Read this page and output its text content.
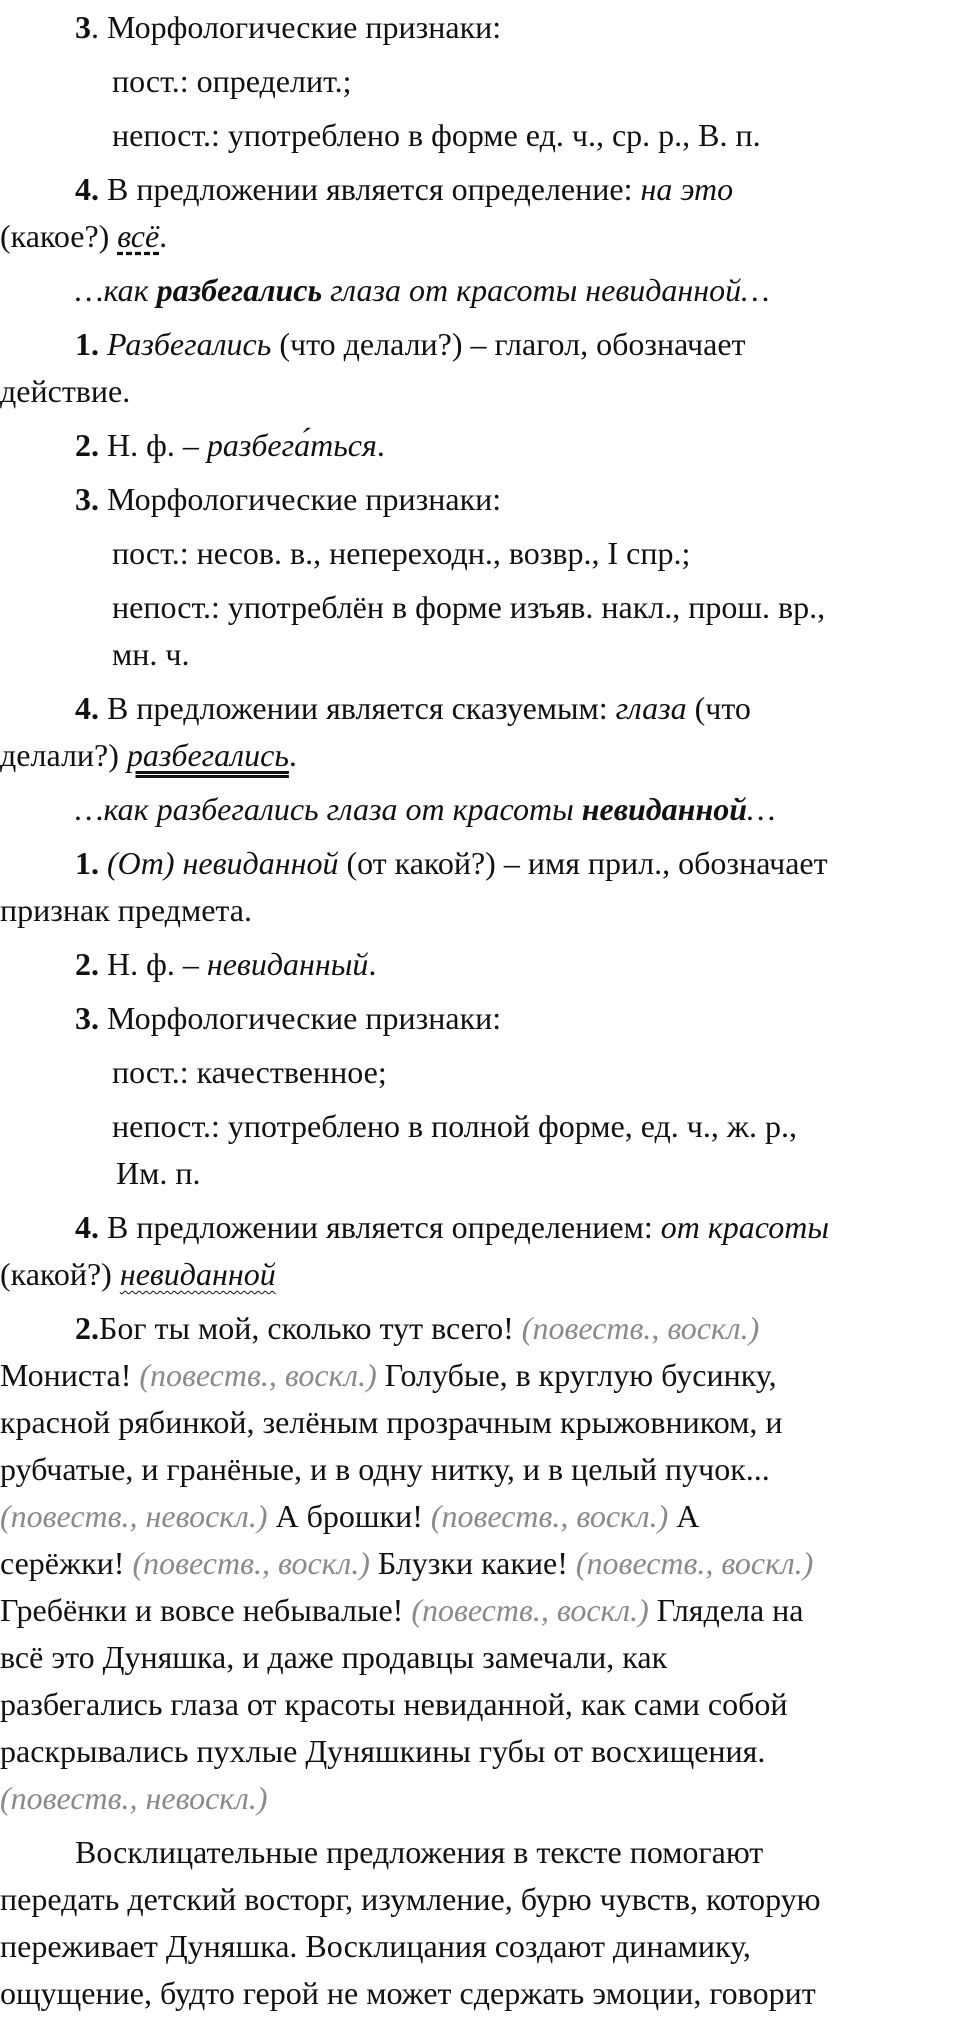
3. Морфологические признаки:
пост.: определит.;
непост.: употреблено в форме ед. ч., ср. р., В. п.
4. В предложении является определение: на это
(какое?) всё.
…как разбегались глаза от красоты невиданной…
1. Разбегались (что делали?) – глагол, обозначает
действие.
2. Н. ф. – разбега́ться.
3. Морфологические признаки:
пост.: несов. в., непереходн., возвр., I спр.;
непост.: употреблён в форме изъяв. накл., прош. вр.,
мн. ч.
4. В предложении является сказуемым: глаза (что
делали?) разбегались.
…как разбегались глаза от красоты невиданной…
1. (От) невиданной (от какой?) – имя прил., обозначает
признак предмета.
2. Н. ф. – невиданный.
3. Морфологические признаки:
пост.: качественное;
непост.: употреблено в полной форме, ед. ч., ж. р.,
Им. п.
4. В предложении является определением: от красоты
(какой?) невиданной
2.Бог ты мой, сколько тут всего! (повеств., воскл.)
Мониста! (повеств., воскл.) Голубые, в круглую бусинку,
красной рябинкой, зелёным прозрачным крыжовником, и
рубчатые, и гранёные, и в одну нитку, и в целый пучок...
(повеств., невоскл.) А брошки! (повеств., воскл.) А
серёжки! (повеств., воскл.) Блузки какие! (повеств., воскл.)
Гребёнки и вовсе небывалые! (повеств., воскл.) Глядела на
всё это Дуняшка, и даже продавцы замечали, как
разбегались глаза от красоты невиданной, как сами собой
раскрывались пухлые Дуняшкины губы от восхищения.
(повеств., невоскл.)
Восклицательные предложения в тексте помогают
передать детский восторг, изумление, бурю чувств, которую
переживает Дуняшка. Восклицания создают динамику,
ощущение, будто герой не может сдержать эмоции, говорит
